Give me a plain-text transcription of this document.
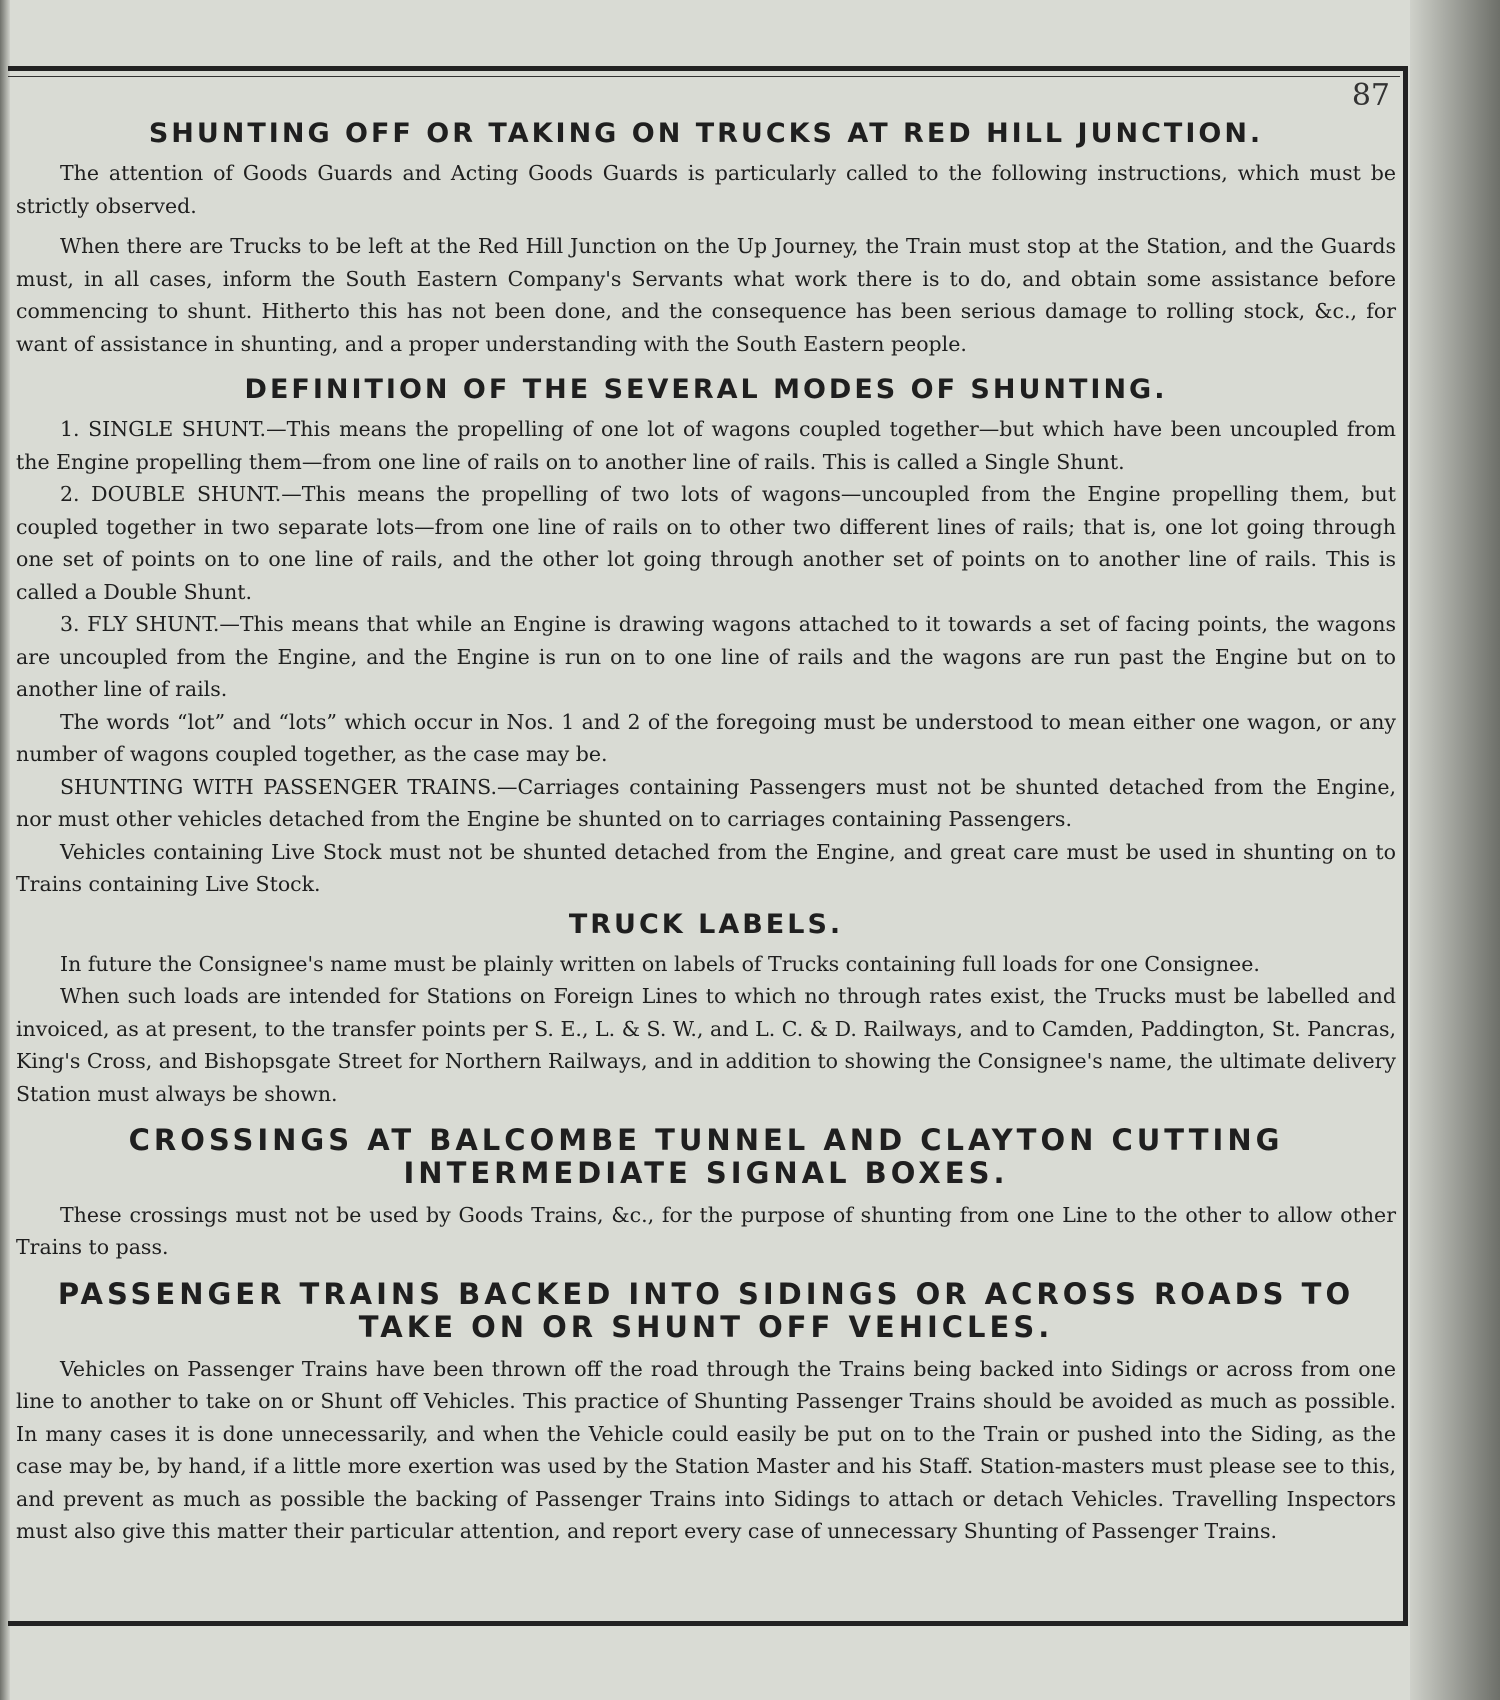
87
SHUNTING OFF OR TAKING ON TRUCKS AT RED HILL JUNCTION.

The attention of Goods Guards and Acting Goods Guards is particularly called to the following instructions, which must be strictly observed.

When there are Trucks to be left at the Red Hill Junction on the Up Journey, the Train must stop at the Station, and the Guards must, in all cases, inform the South Eastern Company's Servants what work there is to do, and obtain some assistance before commencing to shunt. Hitherto this has not been done, and the consequence has been serious damage to rolling stock, &c., for want of assistance in shunting, and a proper understanding with the South Eastern people.

DEFINITION OF THE SEVERAL MODES OF SHUNTING.

1. SINGLE SHUNT.—This means the propelling of one lot of wagons coupled together—but which have been uncoupled from the Engine propelling them—from one line of rails on to another line of rails. This is called a Single Shunt.

2. DOUBLE SHUNT.—This means the propelling of two lots of wagons—uncoupled from the Engine propelling them, but coupled together in two separate lots—from one line of rails on to other two different lines of rails; that is, one lot going through one set of points on to one line of rails, and the other lot going through another set of points on to another line of rails. This is called a Double Shunt.

3. FLY SHUNT.—This means that while an Engine is drawing wagons attached to it towards a set of facing points, the wagons are uncoupled from the Engine, and the Engine is run on to one line of rails and the wagons are run past the Engine but on to another line of rails.

The words “lot” and “lots” which occur in Nos. 1 and 2 of the foregoing must be understood to mean either one wagon, or any number of wagons coupled together, as the case may be.

SHUNTING WITH PASSENGER TRAINS.—Carriages containing Passengers must not be shunted detached from the Engine, nor must other vehicles detached from the Engine be shunted on to carriages containing Passengers.

Vehicles containing Live Stock must not be shunted detached from the Engine, and great care must be used in shunting on to Trains containing Live Stock.

TRUCK LABELS.

In future the Consignee's name must be plainly written on labels of Trucks containing full loads for one Consignee.

When such loads are intended for Stations on Foreign Lines to which no through rates exist, the Trucks must be labelled and invoiced, as at present, to the transfer points per S. E., L. & S. W., and L. C. & D. Railways, and to Camden, Paddington, St. Pancras, King's Cross, and Bishopsgate Street for Northern Railways, and in addition to showing the Consignee's name, the ultimate delivery Station must always be shown.

CROSSINGS AT BALCOMBE TUNNEL AND CLAYTON CUTTING INTERMEDIATE SIGNAL BOXES.

These crossings must not be used by Goods Trains, &c., for the purpose of shunting from one Line to the other to allow other Trains to pass.

PASSENGER TRAINS BACKED INTO SIDINGS OR ACROSS ROADS TO TAKE ON OR SHUNT OFF VEHICLES.

Vehicles on Passenger Trains have been thrown off the road through the Trains being backed into Sidings or across from one line to another to take on or Shunt off Vehicles. This practice of Shunting Passenger Trains should be avoided as much as possible. In many cases it is done unnecessarily, and when the Vehicle could easily be put on to the Train or pushed into the Siding, as the case may be, by hand, if a little more exertion was used by the Station Master and his Staff. Station-masters must please see to this, and prevent as much as possible the backing of Passenger Trains into Sidings to attach or detach Vehicles. Travelling Inspectors must also give this matter their particular attention, and report every case of unnecessary Shunting of Passenger Trains.
